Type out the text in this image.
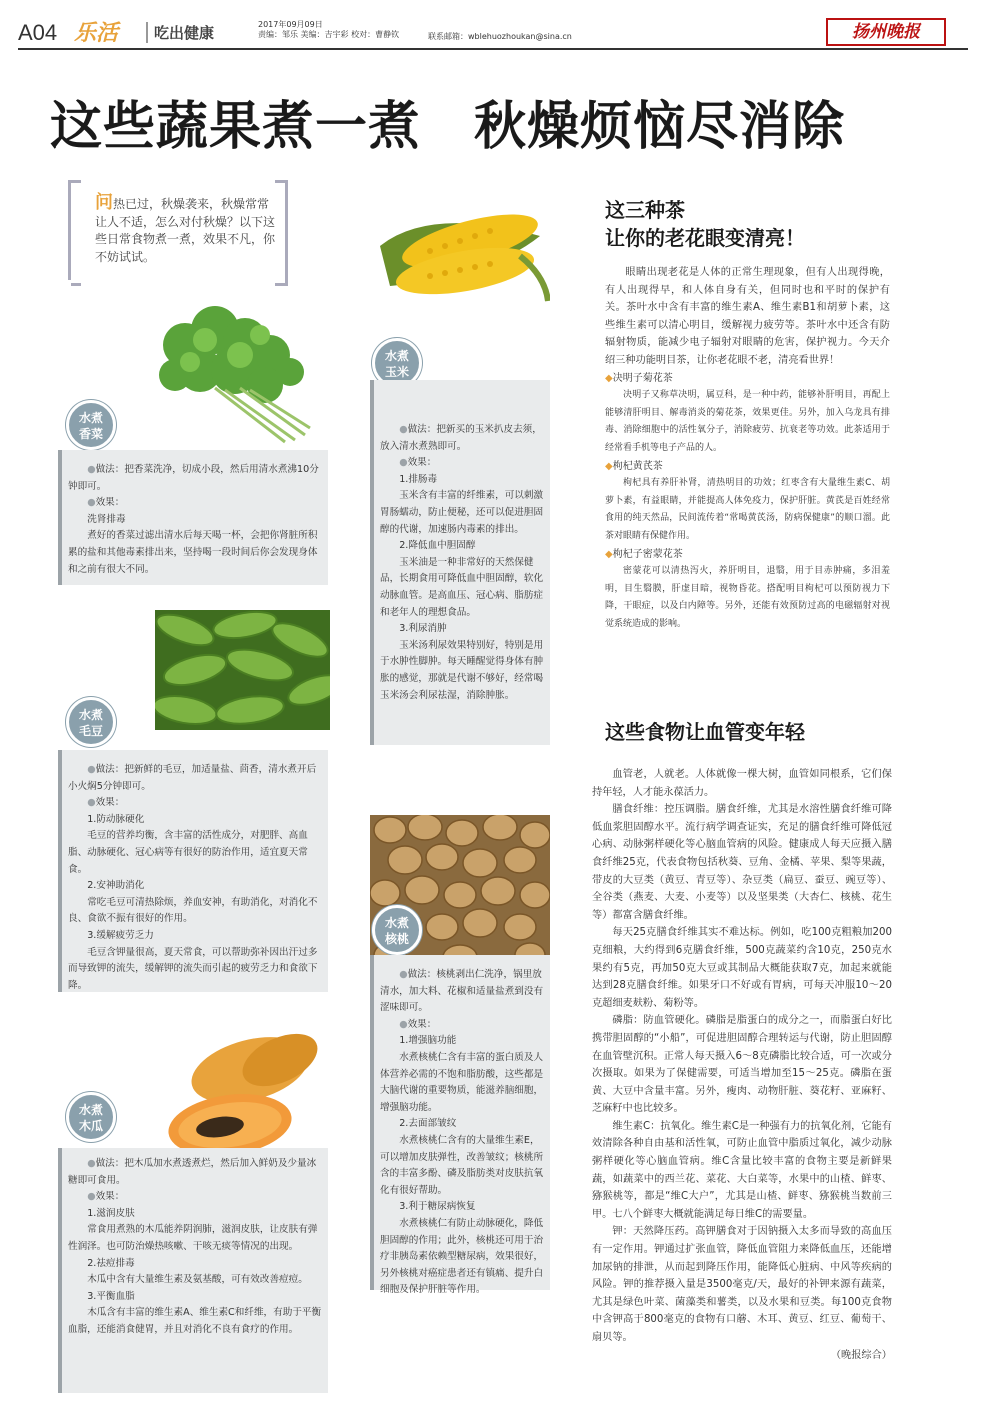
A04 乐活	吃出健康	2017年09月09日
责编：邹乐 美编：吉宇彩 校对：曹静钦	联系邮箱：wblehuozhoukan@sina.cn	扬州晚报
这些蔬果煮一煮　秋燥烦恼尽消除
问热已过，秋燥袭来，秋燥常常让人不适，怎么对付秋燥？以下这些日常食物煮一煮，效果不凡，你不妨试试。
水煮
香菜
水煮
玉米
水煮
毛豆
水煮
核桃
水煮
木瓜

●做法：把香菜洗净，切成小段，然后用清水煮沸10分钟即可。

●效果：

洗肾排毒

煮好的香菜过滤出清水后每天喝一杯，会把你肾脏所积累的盐和其他毒素排出来，坚持喝一段时间后你会发现身体和之前有很大不同。

●做法：把新买的玉米扒皮去须，放入清水煮熟即可。

●效果：

1.排肠毒

玉米含有丰富的纤维素，可以刺激胃肠蠕动，防止便秘，还可以促进胆固醇的代谢，加速肠内毒素的排出。

2.降低血中胆固醇

玉米油是一种非常好的天然保健品，长期食用可降低血中胆固醇，软化动脉血管。是高血压、冠心病、脂肪症和老年人的理想食品。

3.利尿消肿

玉米汤利尿效果特别好，特别是用于水肿性脚肿。每天睡醒觉得身体有肿胀的感觉，那就是代谢不够好，经常喝玉米汤会利尿祛湿，消除肿胀。

●做法：把新鲜的毛豆，加适量盐、茴香，清水煮开后小火焖5分钟即可。

●效果：

1.防动脉硬化

毛豆的营养均衡，含丰富的活性成分，对肥胖、高血脂、动脉硬化、冠心病等有很好的防治作用，适宜夏天常食。

2.安神助消化

常吃毛豆可清热除烦，养血安神，有助消化，对消化不良、食欲不振有很好的作用。

3.缓解疲劳乏力

毛豆含钾量很高，夏天常食，可以帮助弥补因出汗过多而导致钾的流失，缓解钾的流失而引起的疲劳乏力和食欲下降。

●做法：核桃剥出仁洗净，锅里放清水，加大料、花椒和适量盐煮到没有涩味即可。

●效果：

1.增强脑功能

水煮核桃仁含有丰富的蛋白质及人体营养必需的不饱和脂肪酸，这些都是大脑代谢的重要物质，能滋养脑细胞，增强脑功能。

2.去面部皱纹

水煮核桃仁含有的大量维生素E，可以增加皮肤弹性，改善皱纹；核桃所含的丰富多酚、磷及脂肪类对皮肤抗氧化有很好帮助。

3.利于糖尿病恢复

水煮核桃仁有防止动脉硬化，降低胆固醇的作用；此外，核桃还可用于治疗非胰岛素依赖型糖尿病，效果很好，另外核桃对癌症患者还有镇痛、提升白细胞及保护肝脏等作用。

●做法：把木瓜加水煮透煮烂，然后加入鲜奶及少量冰糖即可食用。

●效果：

1.滋润皮肤

常食用煮熟的木瓜能养阴润肺，滋润皮肤，让皮肤有弹性润泽。也可防治燥热咳嗽、干咳无痰等情况的出现。

2.祛痘排毒

木瓜中含有大量维生素及氨基酸，可有效改善痘痘。

3.平衡血脂

木瓜含有丰富的维生素A、维生素C和纤维，有助于平衡血脂，还能消食健胃，并且对消化不良有食疗的作用。

这三种茶
让你的老花眼变清亮！

眼睛出现老花是人体的正常生理现象，但有人出现得晚，有人出现得早，和人体自身有关，但同时也和平时的保护有关。茶叶水中含有丰富的维生素A、维生素B1和胡萝卜素，这些维生素可以清心明目，缓解视力疲劳等。茶叶水中还含有防辐射物质，能减少电子辐射对眼睛的危害，保护视力。今天介绍三种功能明目茶，让你老花眼不老，清亮看世界！

◆决明子菊花茶

决明子又称草决明，属豆科，是一种中药，能够补肝明目，再配上能够清肝明目、解毒消炎的菊花茶，效果更佳。另外，加入乌龙具有排毒、消除细胞中的活性氧分子，消除疲劳、抗衰老等功效。此茶适用于经常看手机等电子产品的人。

◆枸杞黄芪茶

枸杞具有养肝补肾，清热明目的功效；红枣含有大量维生素C、胡萝卜素，有益眼睛，并能提高人体免疫力，保护肝脏。黄芪是百姓经常食用的纯天然品，民间流传着“常喝黄芪汤，防病保健康”的顺口溜。此茶对眼睛有保健作用。

◆枸杞子密蒙花茶

密蒙花可以清热泻火，养肝明目，退翳，用于目赤肿痛，多泪羞明，目生翳膜，肝虚目暗，视物昏花。搭配明目枸杞可以预防视力下降，干眼症，以及白内障等。另外，还能有效预防过高的电磁辐射对视觉系统造成的影响。

这些食物让血管变年轻

血管老，人就老。人体就像一棵大树，血管如同根系，它们保持年轻，人才能永葆活力。

膳食纤维：控压调脂。膳食纤维，尤其是水溶性膳食纤维可降低血浆胆固醇水平。流行病学调查证实，充足的膳食纤维可降低冠心病、动脉粥样硬化等心脑血管病的风险。健康成人每天应摄入膳食纤维25克，代表食物包括秋葵、豆角、金橘、苹果、梨等果蔬，带皮的大豆类（黄豆、青豆等）、杂豆类（扁豆、蚕豆、豌豆等）、全谷类（燕麦、大麦、小麦等）以及坚果类（大杏仁、核桃、花生等）都富含膳食纤维。

每天25克膳食纤维其实不难达标。例如，吃100克粗粮加200克细粮，大约得到6克膳食纤维，500克蔬菜约含10克，250克水果约有5克，再加50克大豆或其制品大概能获取7克，加起来就能达到28克膳食纤维。如果牙口不好或有胃病，可每天冲服10～20克超细麦麸粉、菊粉等。

磷脂：防血管硬化。磷脂是脂蛋白的成分之一，而脂蛋白好比携带胆固醇的“小船”，可促进胆固醇合理转运与代谢，防止胆固醇在血管壁沉积。正常人每天摄入6～8克磷脂比较合适，可一次或分次摄取。如果为了保健需要，可适当增加至15～25克。磷脂在蛋黄、大豆中含量丰富。另外，瘦肉、动物肝脏、葵花籽、亚麻籽、芝麻籽中也比较多。

维生素C：抗氧化。维生素C是一种强有力的抗氧化剂，它能有效清除各种自由基和活性氧，可防止血管中脂质过氧化，减少动脉粥样硬化等心脑血管病。维C含量比较丰富的食物主要是新鲜果蔬，如蔬菜中的西兰花、菜花、大白菜等，水果中的山楂、鲜枣、猕猴桃等，都是“维C大户”，尤其是山楂、鲜枣、猕猴桃当数前三甲。七八个鲜枣大概就能满足每日维C的需要量。

钾：天然降压药。高钾膳食对于因钠摄入太多而导致的高血压有一定作用。钾通过扩张血管，降低血管阻力来降低血压，还能增加尿钠的排泄，从而起到降压作用，能降低心脏病、中风等疾病的风险。钾的推荐摄入量是3500毫克/天，最好的补钾来源有蔬菜，尤其是绿色叶菜、菌藻类和薯类，以及水果和豆类。每100克食物中含钾高于800毫克的食物有口蘑、木耳、黄豆、红豆、葡萄干、扇贝等。

（晚报综合）
